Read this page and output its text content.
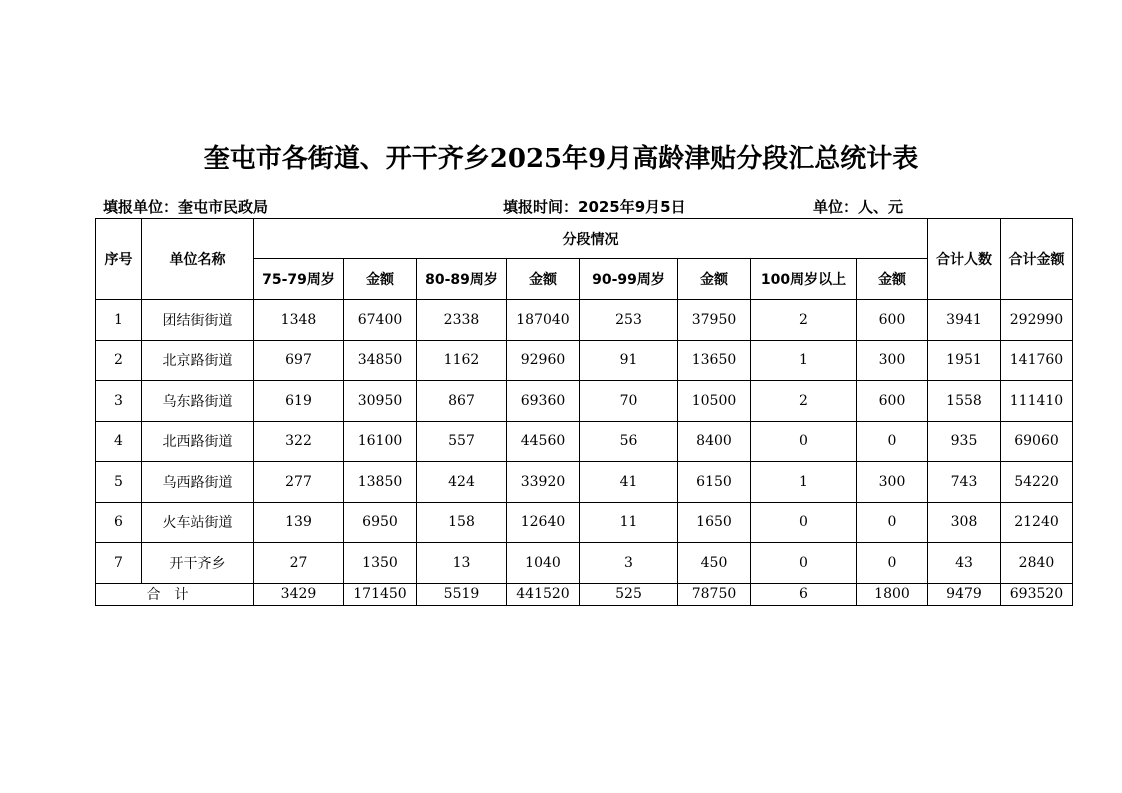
奎屯市各街道、开干齐乡2025年9月高龄津贴分段汇总统计表
填报单位：奎屯市民政局	填报时间：2025年9月5日	单位：人、元
序号	单位名称	分段情况								合计人数	合计金额
		75-79周岁	金额	80-89周岁	金额	90-99周岁	金额	100周岁以上	金额		
1	团结街街道	1348	67400	2338	187040	253	37950	2	600	3941	292990
2	北京路街道	697	34850	1162	92960	91	13650	1	300	1951	141760
3	乌东路街道	619	30950	867	69360	70	10500	2	600	1558	111410
4	北西路街道	322	16100	557	44560	56	8400	0	0	935	69060
5	乌西路街道	277	13850	424	33920	41	6150	1	300	743	54220
6	火车站街道	139	6950	158	12640	11	1650	0	0	308	21240
7	开干齐乡	27	1350	13	1040	3	450	0	0	43	2840
合计		3429	171450	5519	441520	525	78750	6	1800	9479	693520
